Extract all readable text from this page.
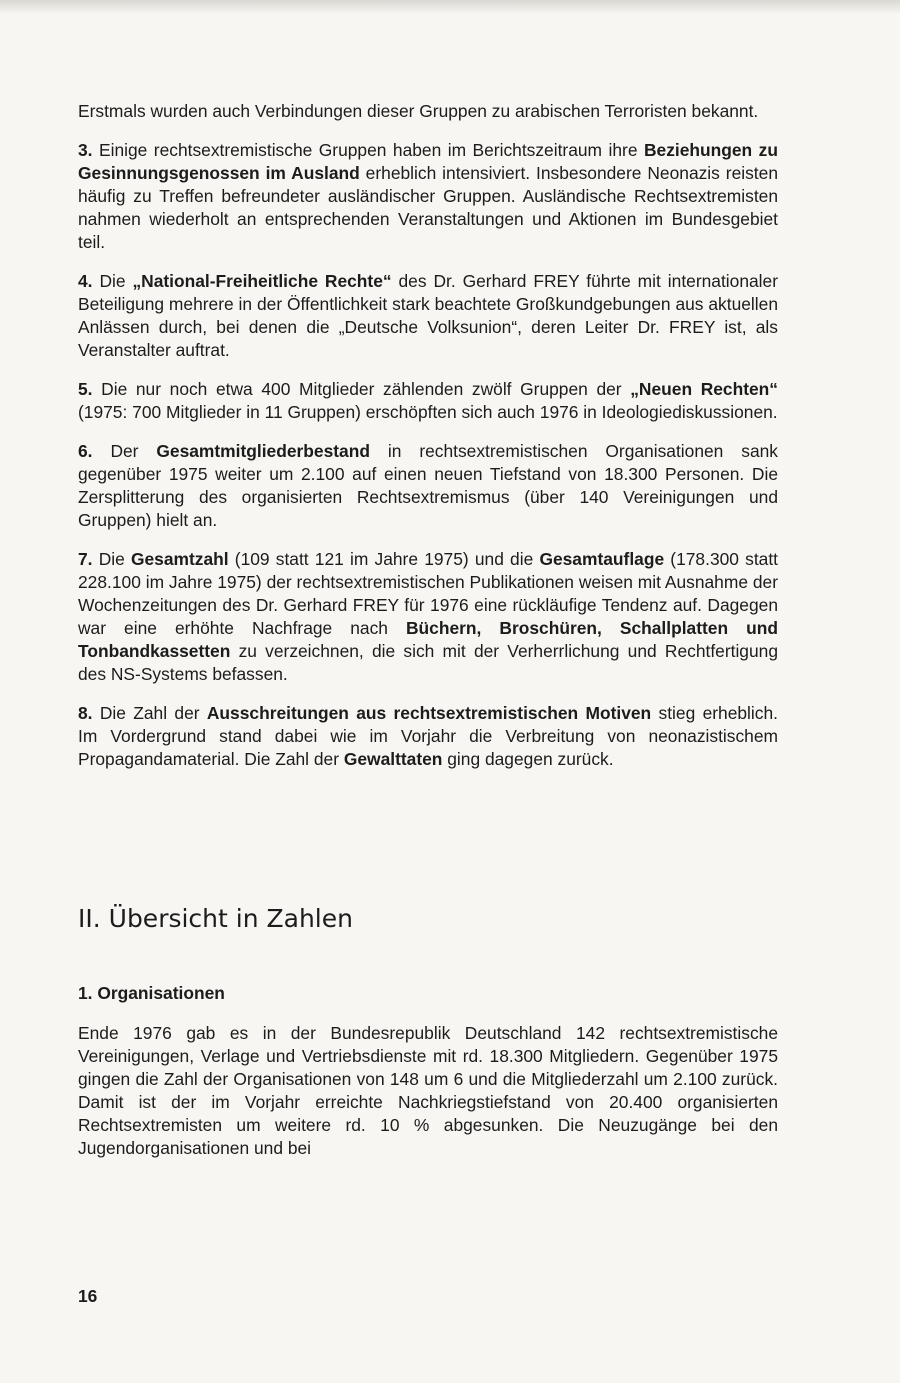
Erstmals wurden auch Verbindungen dieser Gruppen zu arabischen Terroristen bekannt.

3. Einige rechtsextremistische Gruppen haben im Berichtszeitraum ihre Beziehungen zu Gesinnungsgenossen im Ausland erheblich intensiviert. Insbesondere Neonazis reisten häufig zu Treffen befreundeter ausländischer Gruppen. Ausländische Rechtsextremisten nahmen wiederholt an entsprechenden Veranstaltungen und Aktionen im Bundesgebiet teil.

4. Die „National-Freiheitliche Rechte“ des Dr. Gerhard FREY führte mit internationaler Beteiligung mehrere in der Öffentlichkeit stark beachtete Großkundgebungen aus aktuellen Anlässen durch, bei denen die „Deutsche Volksunion“, deren Leiter Dr. FREY ist, als Veranstalter auftrat.

5. Die nur noch etwa 400 Mitglieder zählenden zwölf Gruppen der „Neuen Rechten“ (1975: 700 Mitglieder in 11 Gruppen) erschöpften sich auch 1976 in Ideologiediskussionen.

6. Der Gesamtmitgliederbestand in rechtsextremistischen Organisationen sank gegenüber 1975 weiter um 2.100 auf einen neuen Tiefstand von 18.300 Personen. Die Zersplitterung des organisierten Rechtsextremismus (über 140 Vereinigungen und Gruppen) hielt an.

7. Die Gesamtzahl (109 statt 121 im Jahre 1975) und die Gesamtauflage (178.300 statt 228.100 im Jahre 1975) der rechtsextremistischen Publikationen weisen mit Ausnahme der Wochenzeitungen des Dr. Gerhard FREY für 1976 eine rückläufige Tendenz auf. Dagegen war eine erhöhte Nachfrage nach Büchern, Broschüren, Schallplatten und Tonbandkassetten zu verzeichnen, die sich mit der Verherrlichung und Rechtfertigung des NS-Systems befassen.

8. Die Zahl der Ausschreitungen aus rechtsextremistischen Motiven stieg erheblich. Im Vordergrund stand dabei wie im Vorjahr die Verbreitung von neonazistischem Propagandamaterial. Die Zahl der Gewalttaten ging dagegen zurück.

II. Übersicht in Zahlen
1. Organisationen

Ende 1976 gab es in der Bundesrepublik Deutschland 142 rechtsextremistische Vereinigungen, Verlage und Vertriebsdienste mit rd. 18.300 Mitgliedern. Gegenüber 1975 gingen die Zahl der Organisationen von 148 um 6 und die Mitgliederzahl um 2.100 zurück. Damit ist der im Vorjahr erreichte Nachkriegstiefstand von 20.400 organisierten Rechtsextremisten um weitere rd. 10 % abgesunken. Die Neuzugänge bei den Jugendorganisationen und bei

16
